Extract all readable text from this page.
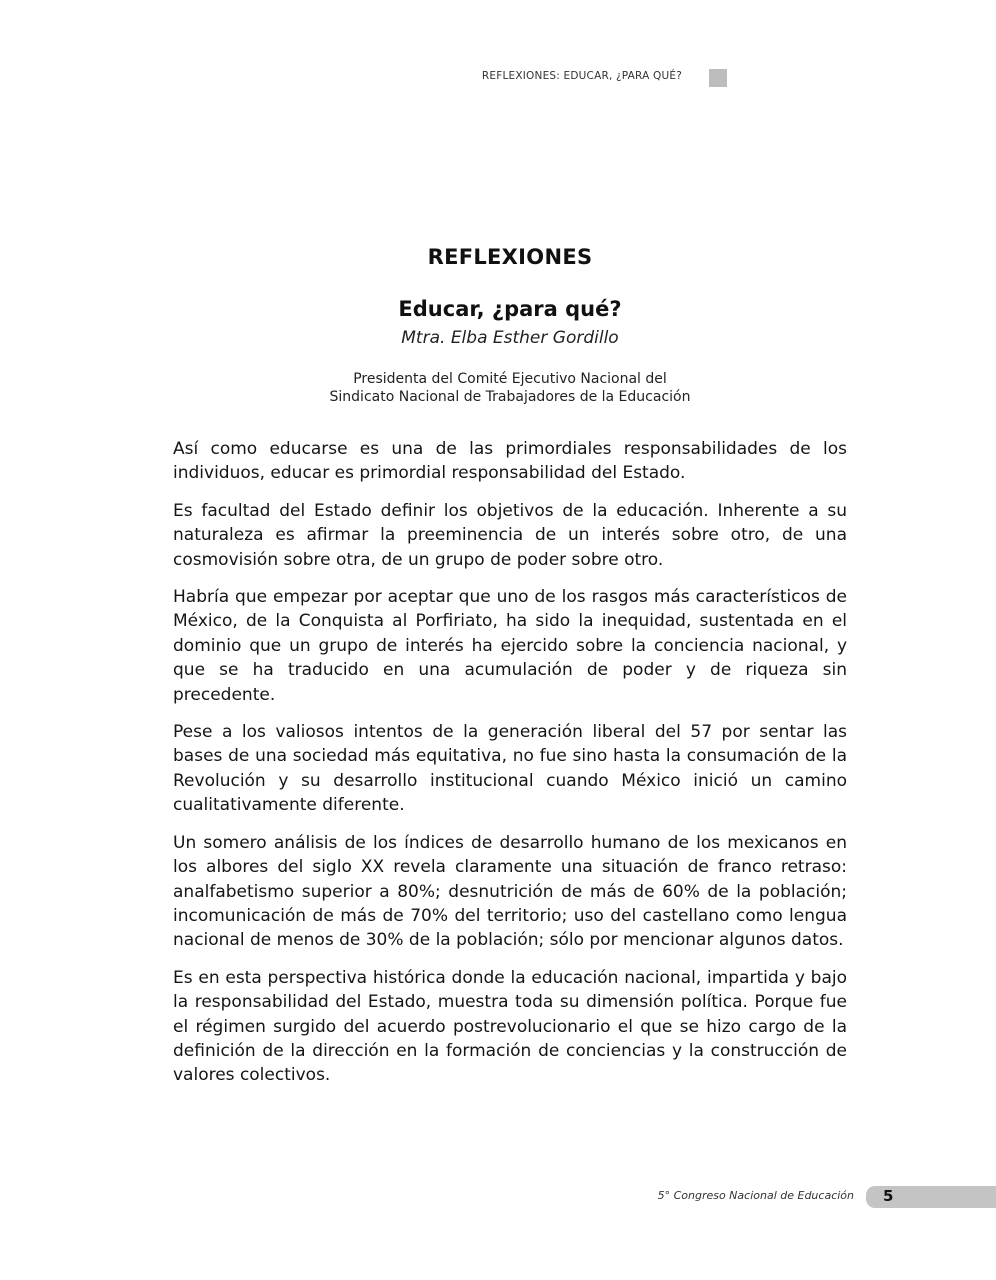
REFLEXIONES: EDUCAR, ¿PARA QUÉ?
REFLEXIONES
Educar, ¿para qué?
Mtra. Elba Esther Gordillo
Presidenta del Comité Ejecutivo Nacional del
Sindicato Nacional de Trabajadores de la Educación

Así como educarse es una de las primordiales responsabilidades de los individuos, educar es primordial responsabilidad del Estado.

Es facultad del Estado definir los objetivos de la educación. Inherente a su naturaleza es afirmar la preeminencia de un interés sobre otro, de una cosmovisión sobre otra, de un grupo de poder sobre otro.

Habría que empezar por aceptar que uno de los rasgos más característicos de México, de la Conquista al Porfiriato, ha sido la inequidad, sustentada en el dominio que un grupo de interés ha ejercido sobre la conciencia nacional, y que se ha traducido en una acumulación de poder y de riqueza sin precedente.

Pese a los valiosos intentos de la generación liberal del 57 por sentar las bases de una sociedad más equitativa, no fue sino hasta la consumación de la Revolución y su desarrollo institucional cuando México inició un camino cualitativamente diferente.

Un somero análisis de los índices de desarrollo humano de los mexicanos en los albores del siglo XX revela claramente una situación de franco retraso: analfabetismo superior a 80%; desnutrición de más de 60% de la población; incomunicación de más de 70% del territorio; uso del castellano como lengua nacional de menos de 30% de la población; sólo por mencionar algunos datos.

Es en esta perspectiva histórica donde la educación nacional, impartida y bajo la responsabilidad del Estado, muestra toda su dimensión política. Porque fue el régimen surgido del acuerdo postrevolucionario el que se hizo cargo de la definición de la dirección en la formación de conciencias y la construcción de valores colectivos.

5° Congreso Nacional de Educación 5
